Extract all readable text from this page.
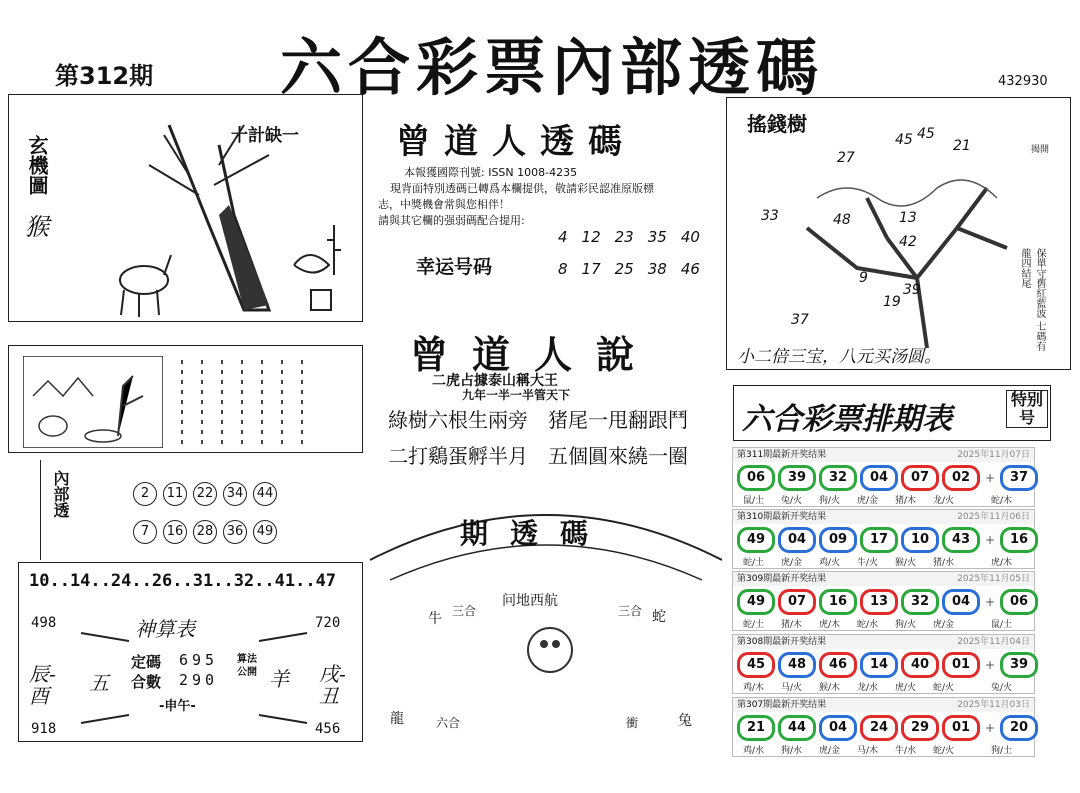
第312期 六合彩票內部透碼	432930
玄機圖
猴
十計缺一	曾道人透碼
本報獲國際刊號: ISSN 1008-4235
現背面特別透碼已轉爲本欄提供，敬請彩民認准原版標
志，中獎機會常與您相伴！
請與其它欄的强弱碼配合提用:
4 12 23 35 40
幸运号码	8 17 25 38 46
搖錢樹
揭開
45 45
21
27
33	48	13
42
9
19
39
37	保單守舊紅藍波 七碼有龍四結尾
小二倍三宝，八元买汤圆。
曾道人說
二虎占據泰山稱大王
九年一半一半管天下
綠樹六根生兩旁　猪尾一甩翻跟鬥
二打鷄蛋孵半月　五個圓來繞一圈
內部透	2	11 22 34 44
7	16 28 36 49
10..14..24..26..31..32..41..47
神算表
498	720
918	456
辰-酉
五	戌-丑
羊
定碼 695
合數 290
算法公開
-申午-
期透碼
牛 三合
问地西航
三合 蛇
龍	六合	衝	兔
六合彩票排期表
特别号
第311期最新开奖结果	2025年11月07日
06	39	32	04	07	02	+	37
鼠/土 兔/火 狗/火 虎/金 猪/木 龙/火	蛇/木
第310期最新开奖结果	2025年11月06日
49	04	09	17	10	43	+	16
蛇/土 虎/金 鸡/火 牛/火 猴/火 猪/水	虎/木
第309期最新开奖结果	2025年11月05日
49	07	16	13	32	04	+	06
蛇/土 猪/木 虎/木 蛇/水 狗/火 虎/金	鼠/土
第308期最新开奖结果	2025年11月04日
45	48	46	14	40	01	+	39
鸡/木 马/火 猴/木 龙/水 虎/火 蛇/火	兔/火
第307期最新开奖结果	2025年11月03日
21	44	04	24	29	01	+	20
鸡/水 狗/水 虎/金 马/木 牛/水 蛇/火	狗/土
